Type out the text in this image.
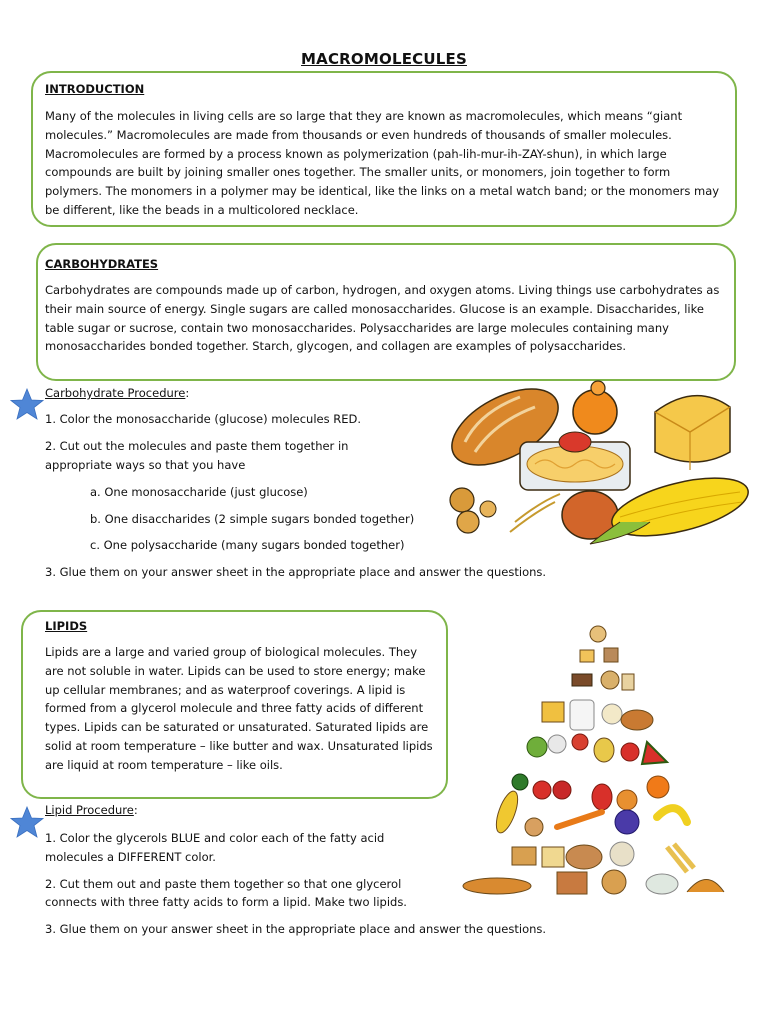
MACROMOLECULES
INTRODUCTION

Many of the molecules in living cells are so large that they are known as macromolecules, which means “giant molecules.” Macromolecules are made from thousands or even hundreds of thousands of smaller molecules. Macromolecules are formed by a process known as polymerization (pah-lih-mur-ih-ZAY-shun), in which large compounds are built by joining smaller ones together. The smaller units, or monomers, join together to form polymers. The monomers in a polymer may be identical, like the links on a metal watch band; or the monomers may be different, like the beads in a multicolored necklace.

CARBOHYDRATES

Carbohydrates are compounds made up of carbon, hydrogen, and oxygen atoms. Living things use carbohydrates as their main source of energy. Single sugars are called monosaccharides. Glucose is an example. Disaccharides, like table sugar or sucrose, contain two monosaccharides. Polysaccharides are large molecules containing many monosaccharides bonded together. Starch, glycogen, and collagen are examples of polysaccharides.

Carbohydrate Procedure:
1. Color the monosaccharide (glucose) molecules RED.
2. Cut out the molecules and paste them together in
appropriate ways so that you have
a. One monosaccharide (just glucose)
b. One disaccharides (2 simple sugars bonded together)
c. One polysaccharide (many sugars bonded together)
3. Glue them on your answer sheet in the appropriate place and answer the questions.
LIPIDS

Lipids are a large and varied group of biological molecules. They are not soluble in water. Lipids can be used to store energy; make up cellular membranes; and as waterproof coverings. A lipid is formed from a glycerol molecule and three fatty acids of different types. Lipids can be saturated or unsaturated. Saturated lipids are solid at room temperature – like butter and wax. Unsaturated lipids are liquid at room temperature – like oils.

Lipid Procedure:
1. Color the glycerols BLUE and color each of the fatty acid
molecules a DIFFERENT color.
2. Cut them out and paste them together so that one glycerol
connects with three fatty acids to form a lipid. Make two lipids.
3. Glue them on your answer sheet in the appropriate place and answer the questions.
